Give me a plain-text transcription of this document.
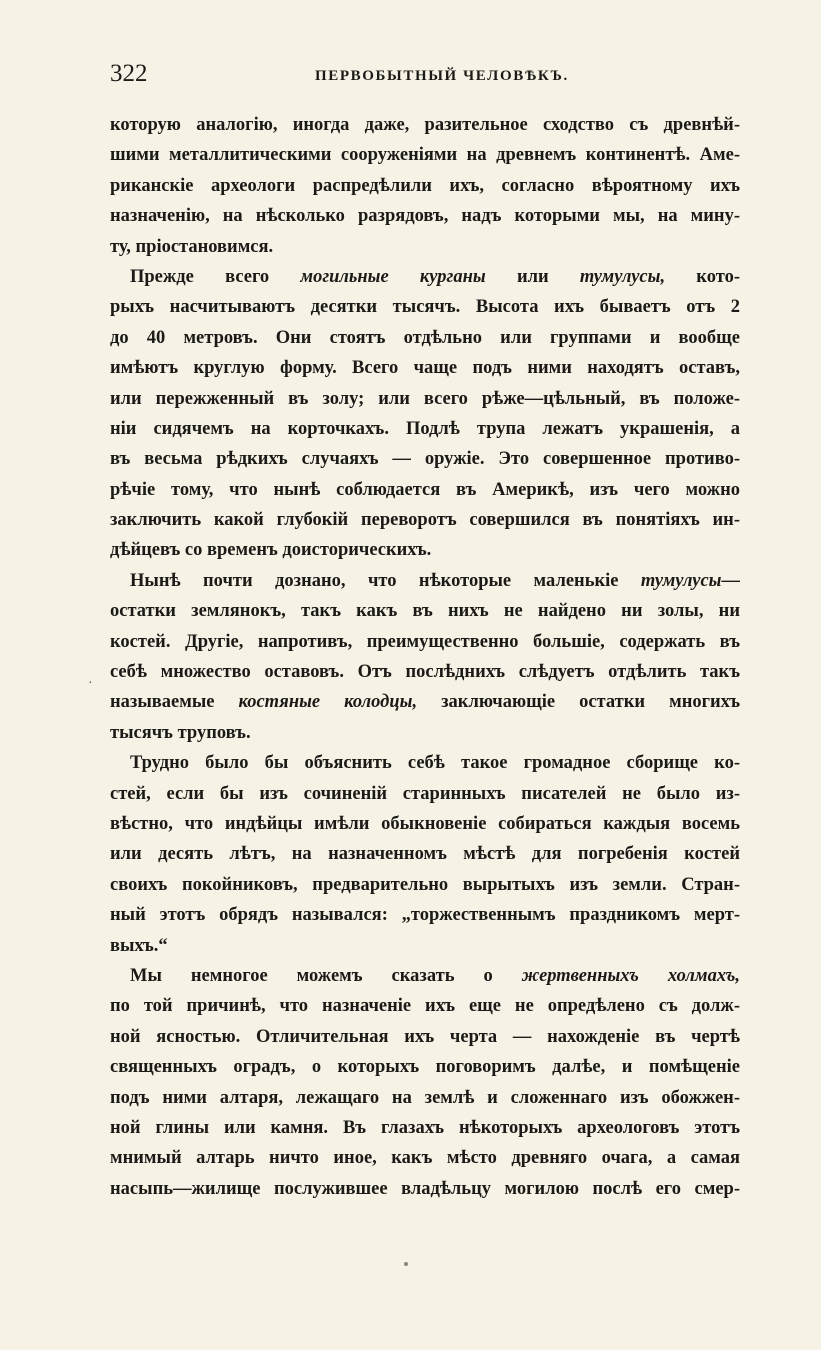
322	ПЕРВОБЫТНЫЙ ЧЕЛОВѢКЪ.
·
которую аналогію, иногда даже, разительное сходство съ древнѣй-
шими металлитическими сооруженіями на древнемъ континентѣ. Аме-
риканскіе археологи распредѣлили ихъ, согласно вѣроятному ихъ
назначенію, на нѣсколько разрядовъ, надъ которыми мы, на мину-
ту, пріостановимся.
Прежде всего могильные курганы или тумулусы, кото-
рыхъ насчитываютъ десятки тысячъ. Высота ихъ бываетъ отъ 2
до 40 метровъ. Они стоятъ отдѣльно или группами и вообще
имѣютъ круглую форму. Всего чаще подъ ними находятъ оставъ,
или пережженный въ золу; или всего рѣже—цѣльный, въ положе-
ніи сидячемъ на корточкахъ. Подлѣ трупа лежатъ украшенія, а
въ весьма рѣдкихъ случаяхъ — оружіе. Это совершенное противо-
рѣчіе тому, что нынѣ соблюдается въ Америкѣ, изъ чего можно
заключить какой глубокій переворотъ совершился въ понятіяхъ ин-
дѣйцевъ со временъ доисторическихъ.
Нынѣ почти дознано, что нѣкоторые маленькіе тумулусы—
остатки землянокъ, такъ какъ въ нихъ не найдено ни золы, ни
костей. Другіе, напротивъ, преимущественно большіе, содержать въ
себѣ множество оставовъ. Отъ послѣднихъ слѣдуетъ отдѣлить такъ
называемые костяные колодцы, заключающіе остатки многихъ
тысячъ труповъ.
Трудно было бы объяснить себѣ такое громадное сборище ко-
стей, если бы изъ сочиненій старинныхъ писателей не было из-
вѣстно, что индѣйцы имѣли обыкновеніе собираться каждыя восемь
или десять лѣтъ, на назначенномъ мѣстѣ для погребенія костей
своихъ покойниковъ, предварительно вырытыхъ изъ земли. Стран-
ный этотъ обрядъ назывался: „торжественнымъ праздникомъ мерт-
выхъ.“
Мы немногое можемъ сказать о жертвенныхъ холмахъ,
по той причинѣ, что назначеніе ихъ еще не опредѣлено съ долж-
ной ясностью. Отличительная ихъ черта — нахожденіе въ чертѣ
священныхъ оградъ, о которыхъ поговоримъ далѣе, и помѣщеніе
подъ ними алтаря, лежащаго на землѣ и сложеннаго изъ обожжен-
ной глины или камня. Въ глазахъ нѣкоторыхъ археологовъ этотъ
мнимый алтарь ничто иное, какъ мѣсто древняго очага, а самая
насыпь—жилище послужившее владѣльцу могилою послѣ его смер-
